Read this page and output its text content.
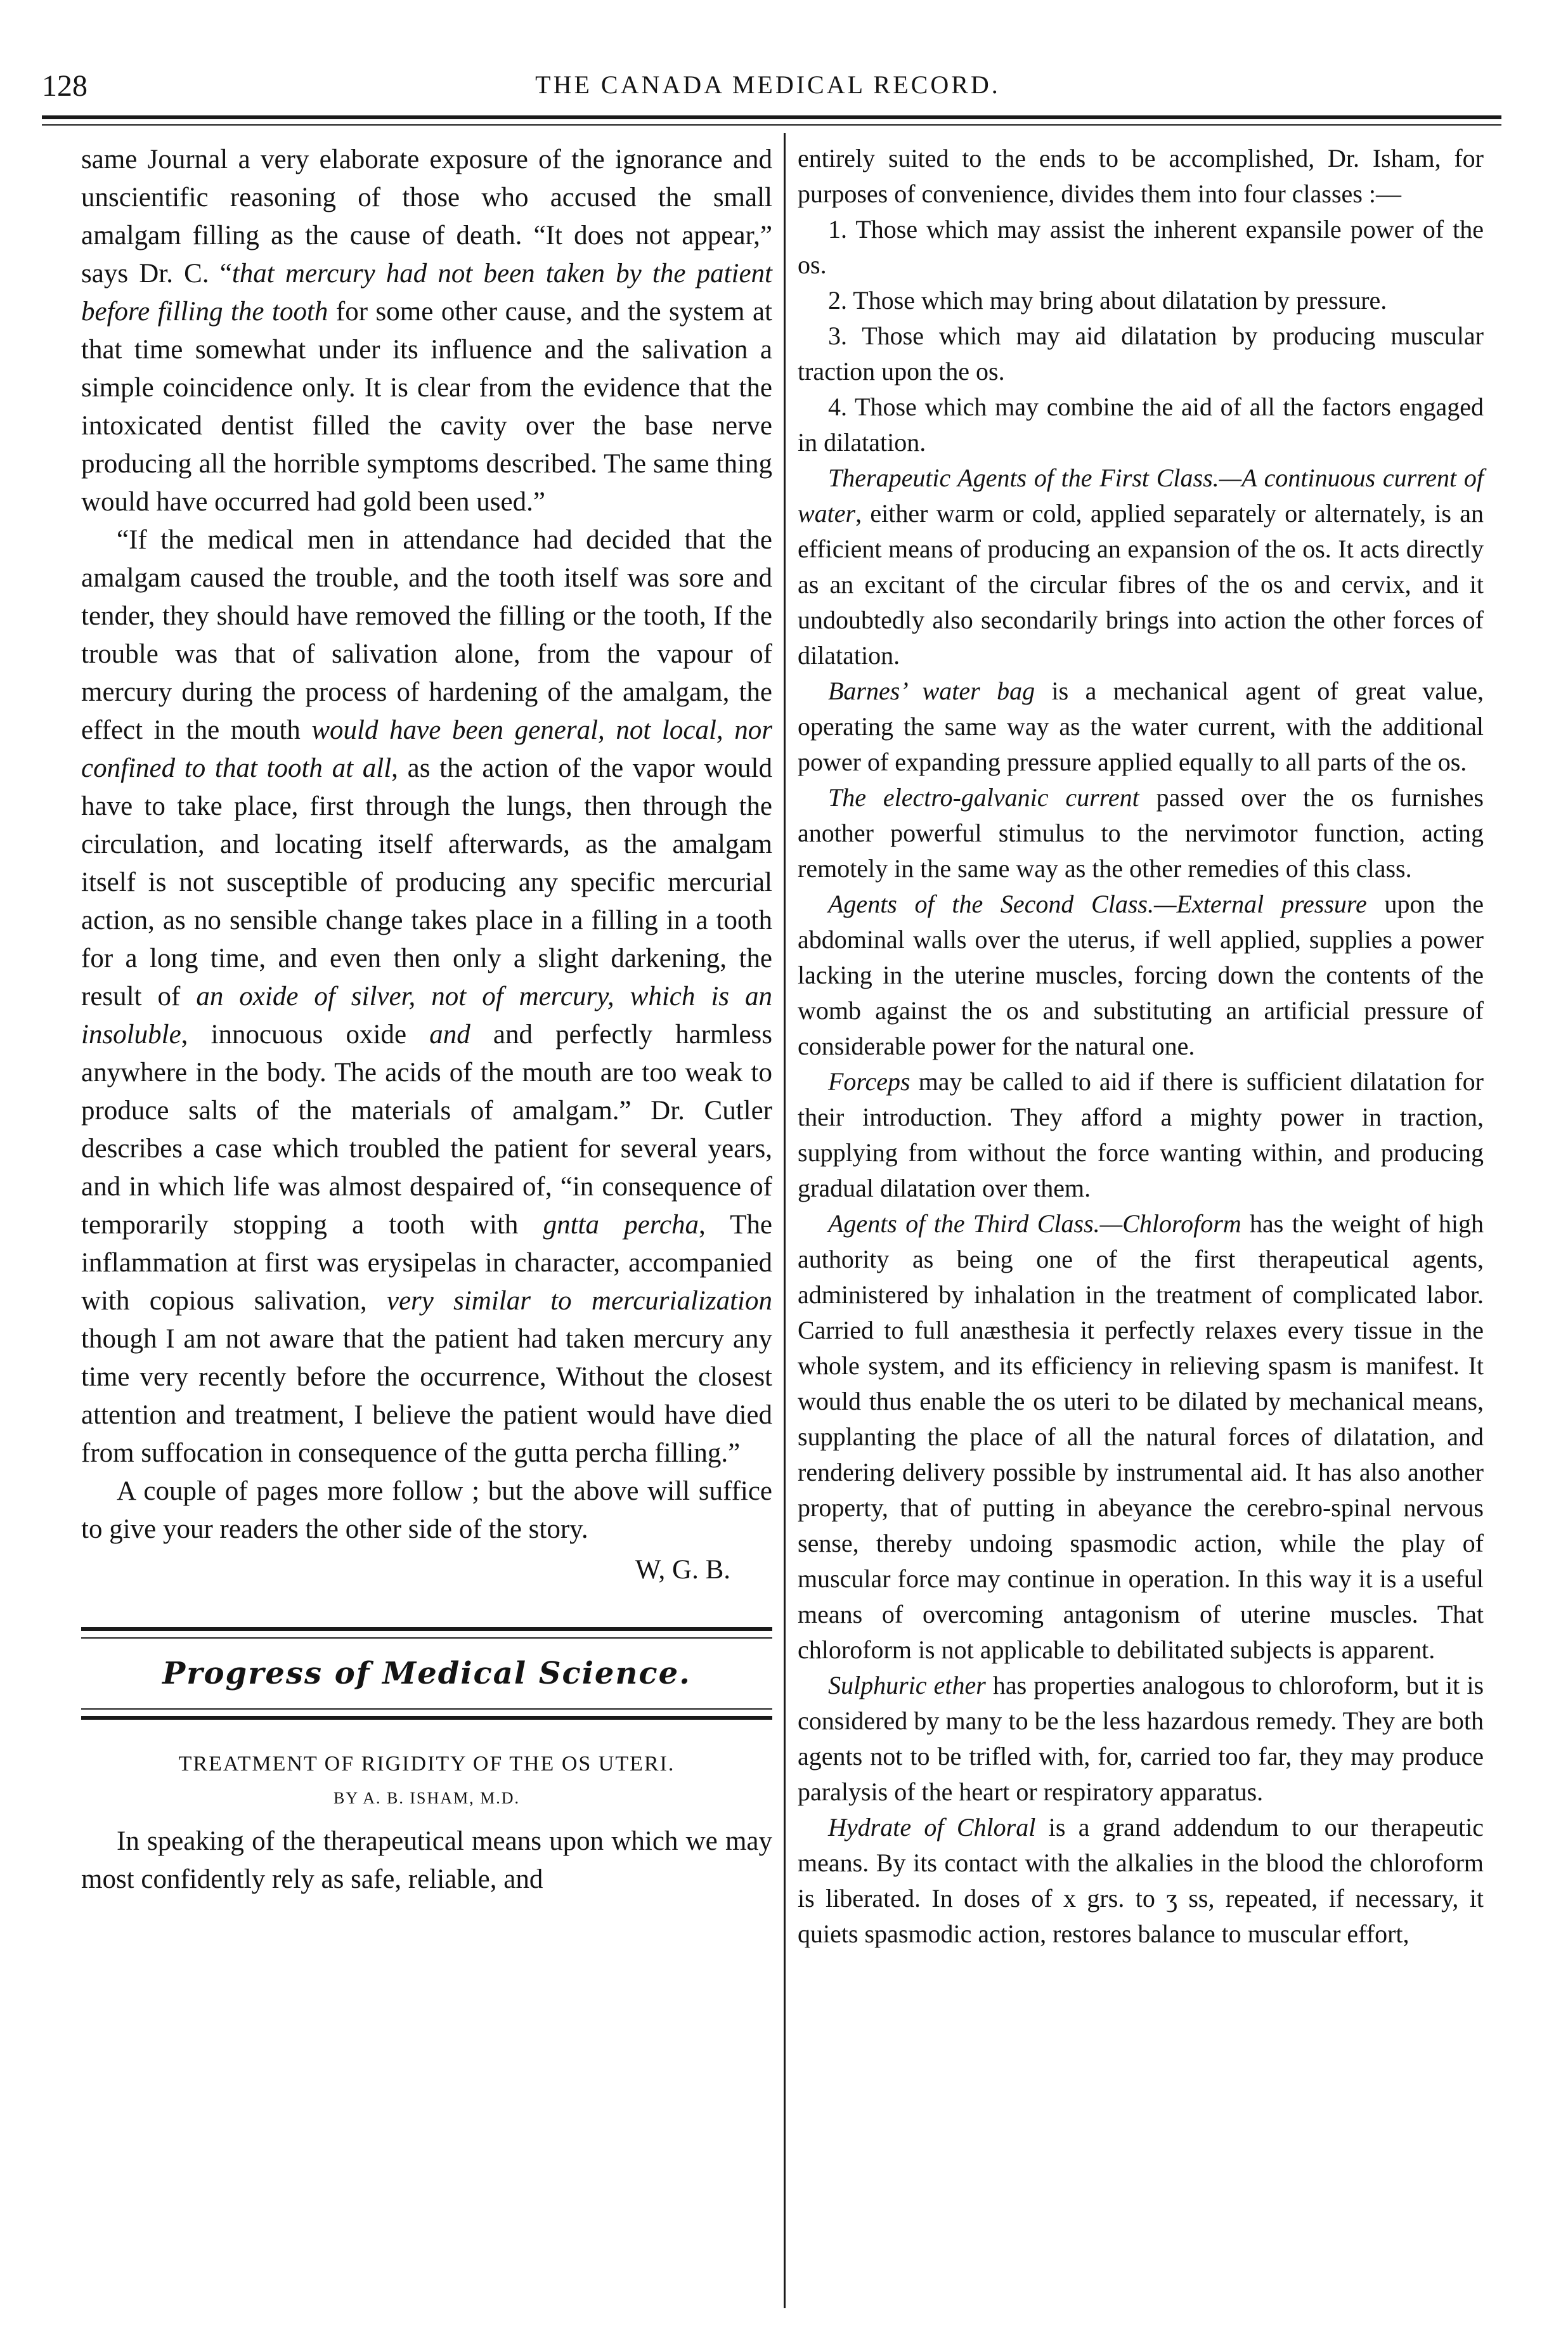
128	THE CANADA MEDICAL RECORD.

same Journal a very elaborate exposure of the ignorance and unscientific reasoning of those who accused the small amalgam filling as the cause of death. “It does not appear,” says Dr. C. “that mercury had not been taken by the patient before filling the tooth for some other cause, and the system at that time somewhat under its influence and the salivation a simple coincidence only. It is clear from the evidence that the intoxicated dentist filled the cavity over the base nerve producing all the horrible symptoms described. The same thing would have occurred had gold been used.”

“If the medical men in attendance had decided that the amalgam caused the trouble, and the tooth itself was sore and tender, they should have removed the filling or the tooth, If the trouble was that of salivation alone, from the vapour of mercury during the process of hardening of the amalgam, the effect in the mouth would have been general, not local, nor confined to that tooth at all, as the action of the vapor would have to take place, first through the lungs, then through the circulation, and locating itself afterwards, as the amalgam itself is not susceptible of producing any specific mercurial action, as no sensible change takes place in a filling in a tooth for a long time, and even then only a slight darkening, the result of an oxide of silver, not of mercury, which is an insoluble, innocuous oxide and and perfectly harmless anywhere in the body. The acids of the mouth are too weak to produce salts of the materials of amalgam.” Dr. Cutler describes a case which troubled the patient for several years, and in which life was almost despaired of, “in consequence of temporarily stopping a tooth with gntta percha, The inflammation at first was erysipelas in character, accompanied with copious salivation, very similar to mercurialization though I am not aware that the patient had taken mercury any time very recently before the occurrence, Without the closest attention and treatment, I believe the patient would have died from suffocation in consequence of the gutta percha filling.”

A couple of pages more follow ; but the above will suffice to give your readers the other side of the story.

W, G. B.
Progress of Medical Science.
TREATMENT OF RIGIDITY OF THE OS UTERI.
BY A. B. ISHAM, M.D.

In speaking of the therapeutical means upon which we may most confidently rely as safe, reliable, and

entirely suited to the ends to be accomplished, Dr. Isham, for purposes of convenience, divides them into four classes :—

1. Those which may assist the inherent expansile power of the os.

2. Those which may bring about dilatation by pressure.

3. Those which may aid dilatation by producing muscular traction upon the os.

4. Those which may combine the aid of all the factors engaged in dilatation.

Therapeutic Agents of the First Class.—A continuous current of water, either warm or cold, applied separately or alternately, is an efficient means of producing an expansion of the os. It acts directly as an excitant of the circular fibres of the os and cervix, and it undoubtedly also secondarily brings into action the other forces of dilatation.

Barnes’ water bag is a mechanical agent of great value, operating the same way as the water current, with the additional power of expanding pressure applied equally to all parts of the os.

The electro-galvanic current passed over the os furnishes another powerful stimulus to the nervimotor function, acting remotely in the same way as the other remedies of this class.

Agents of the Second Class.—External pressure upon the abdominal walls over the uterus, if well applied, supplies a power lacking in the uterine muscles, forcing down the contents of the womb against the os and substituting an artificial pressure of considerable power for the natural one.

Forceps may be called to aid if there is sufficient dilatation for their introduction. They afford a mighty power in traction, supplying from without the force wanting within, and producing gradual dilatation over them.

Agents of the Third Class.—Chloroform has the weight of high authority as being one of the first therapeutical agents, administered by inhalation in the treatment of complicated labor. Carried to full anæsthesia it perfectly relaxes every tissue in the whole system, and its efficiency in relieving spasm is manifest. It would thus enable the os uteri to be dilated by mechanical means, supplanting the place of all the natural forces of dilatation, and rendering delivery possible by instrumental aid. It has also another property, that of putting in abeyance the cerebro-spinal nervous sense, thereby undoing spasmodic action, while the play of muscular force may continue in operation. In this way it is a useful means of overcoming antagonism of uterine muscles. That chloroform is not applicable to debilitated subjects is apparent.

Sulphuric ether has properties analogous to chloroform, but it is considered by many to be the less hazardous remedy. They are both agents not to be trifled with, for, carried too far, they may produce paralysis of the heart or respiratory apparatus.

Hydrate of Chloral is a grand addendum to our therapeutic means. By its contact with the alkalies in the blood the chloroform is liberated. In doses of x grs. to ʒ ss, repeated, if necessary, it quiets spasmodic action, restores balance to muscular effort,
